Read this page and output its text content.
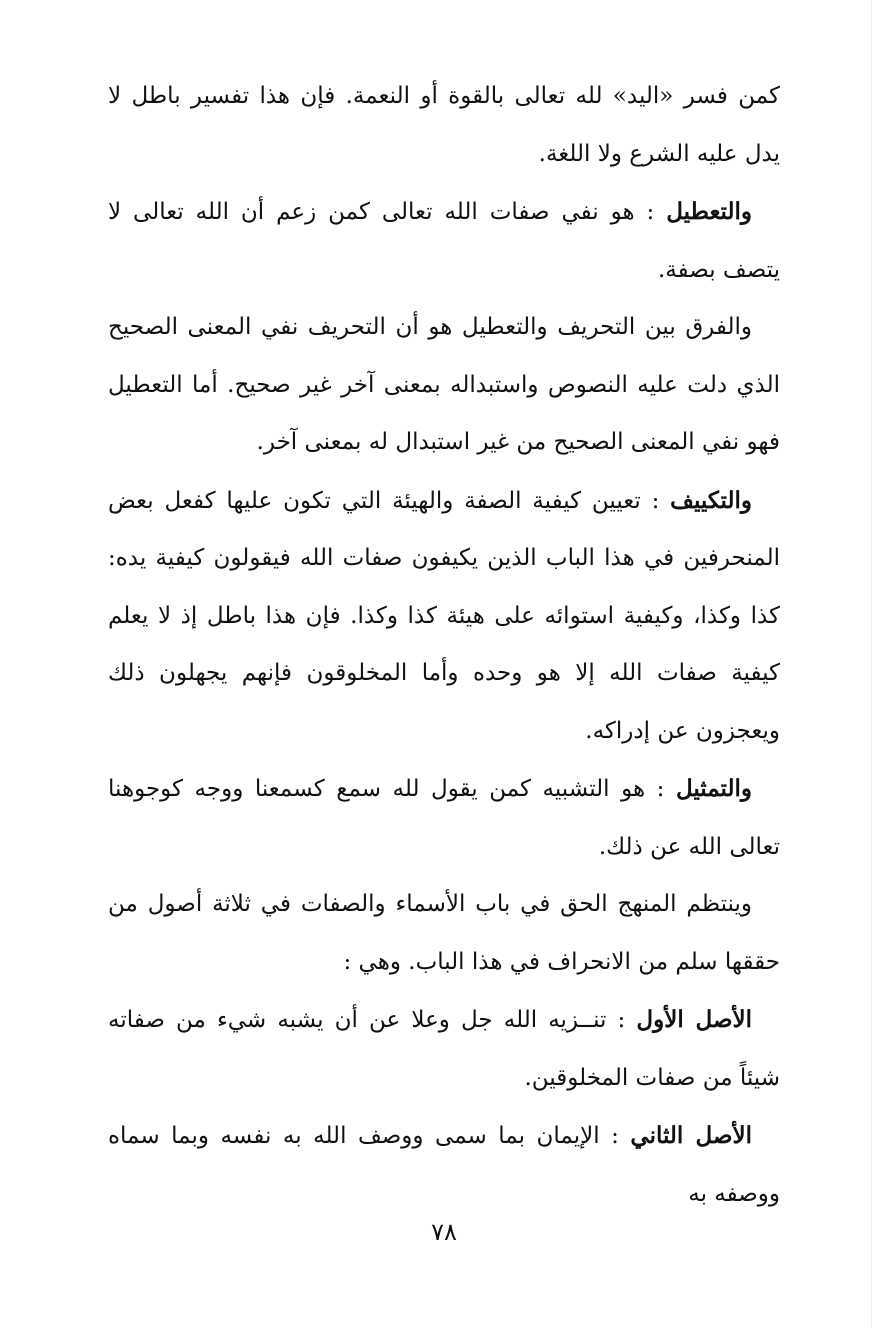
كمن فسر «اليد» لله تعالى بالقوة أو النعمة. فإن هذا تفسير باطل لا يدل عليه الشرع ولا اللغة.

والتعطيل : هو نفي صفات الله تعالى كمن زعم أن الله تعالى لا يتصف بصفة.

والفرق بين التحريف والتعطيل هو أن التحريف نفي المعنى الصحيح الذي دلت عليه النصوص واستبداله بمعنى آخر غير صحيح. أما التعطيل فهو نفي المعنى الصحيح من غير استبدال له بمعنى آخر.

والتكييف : تعيين كيفية الصفة والهيئة التي تكون عليها كفعل بعض المنحرفين في هذا الباب الذين يكيفون صفات الله فيقولون كيفية يده: كذا وكذا، وكيفية استوائه على هيئة كذا وكذا. فإن هذا باطل إذ لا يعلم كيفية صفات الله إلا هو وحده وأما المخلوقون فإنهم يجهلون ذلك ويعجزون عن إدراكه.

والتمثيل : هو التشبيه كمن يقول لله سمع كسمعنا ووجه كوجوهنا تعالى الله عن ذلك.

وينتظم المنهج الحق في باب الأسماء والصفات في ثلاثة أصول من حققها سلم من الانحراف في هذا الباب. وهي :

الأصل الأول : تنــزيه الله جل وعلا عن أن يشبه شيء من صفاته شيئاً من صفات المخلوقين.

الأصل الثاني : الإيمان بما سمى ووصف الله به نفسه وبما سماه ووصفه به

٧٨
